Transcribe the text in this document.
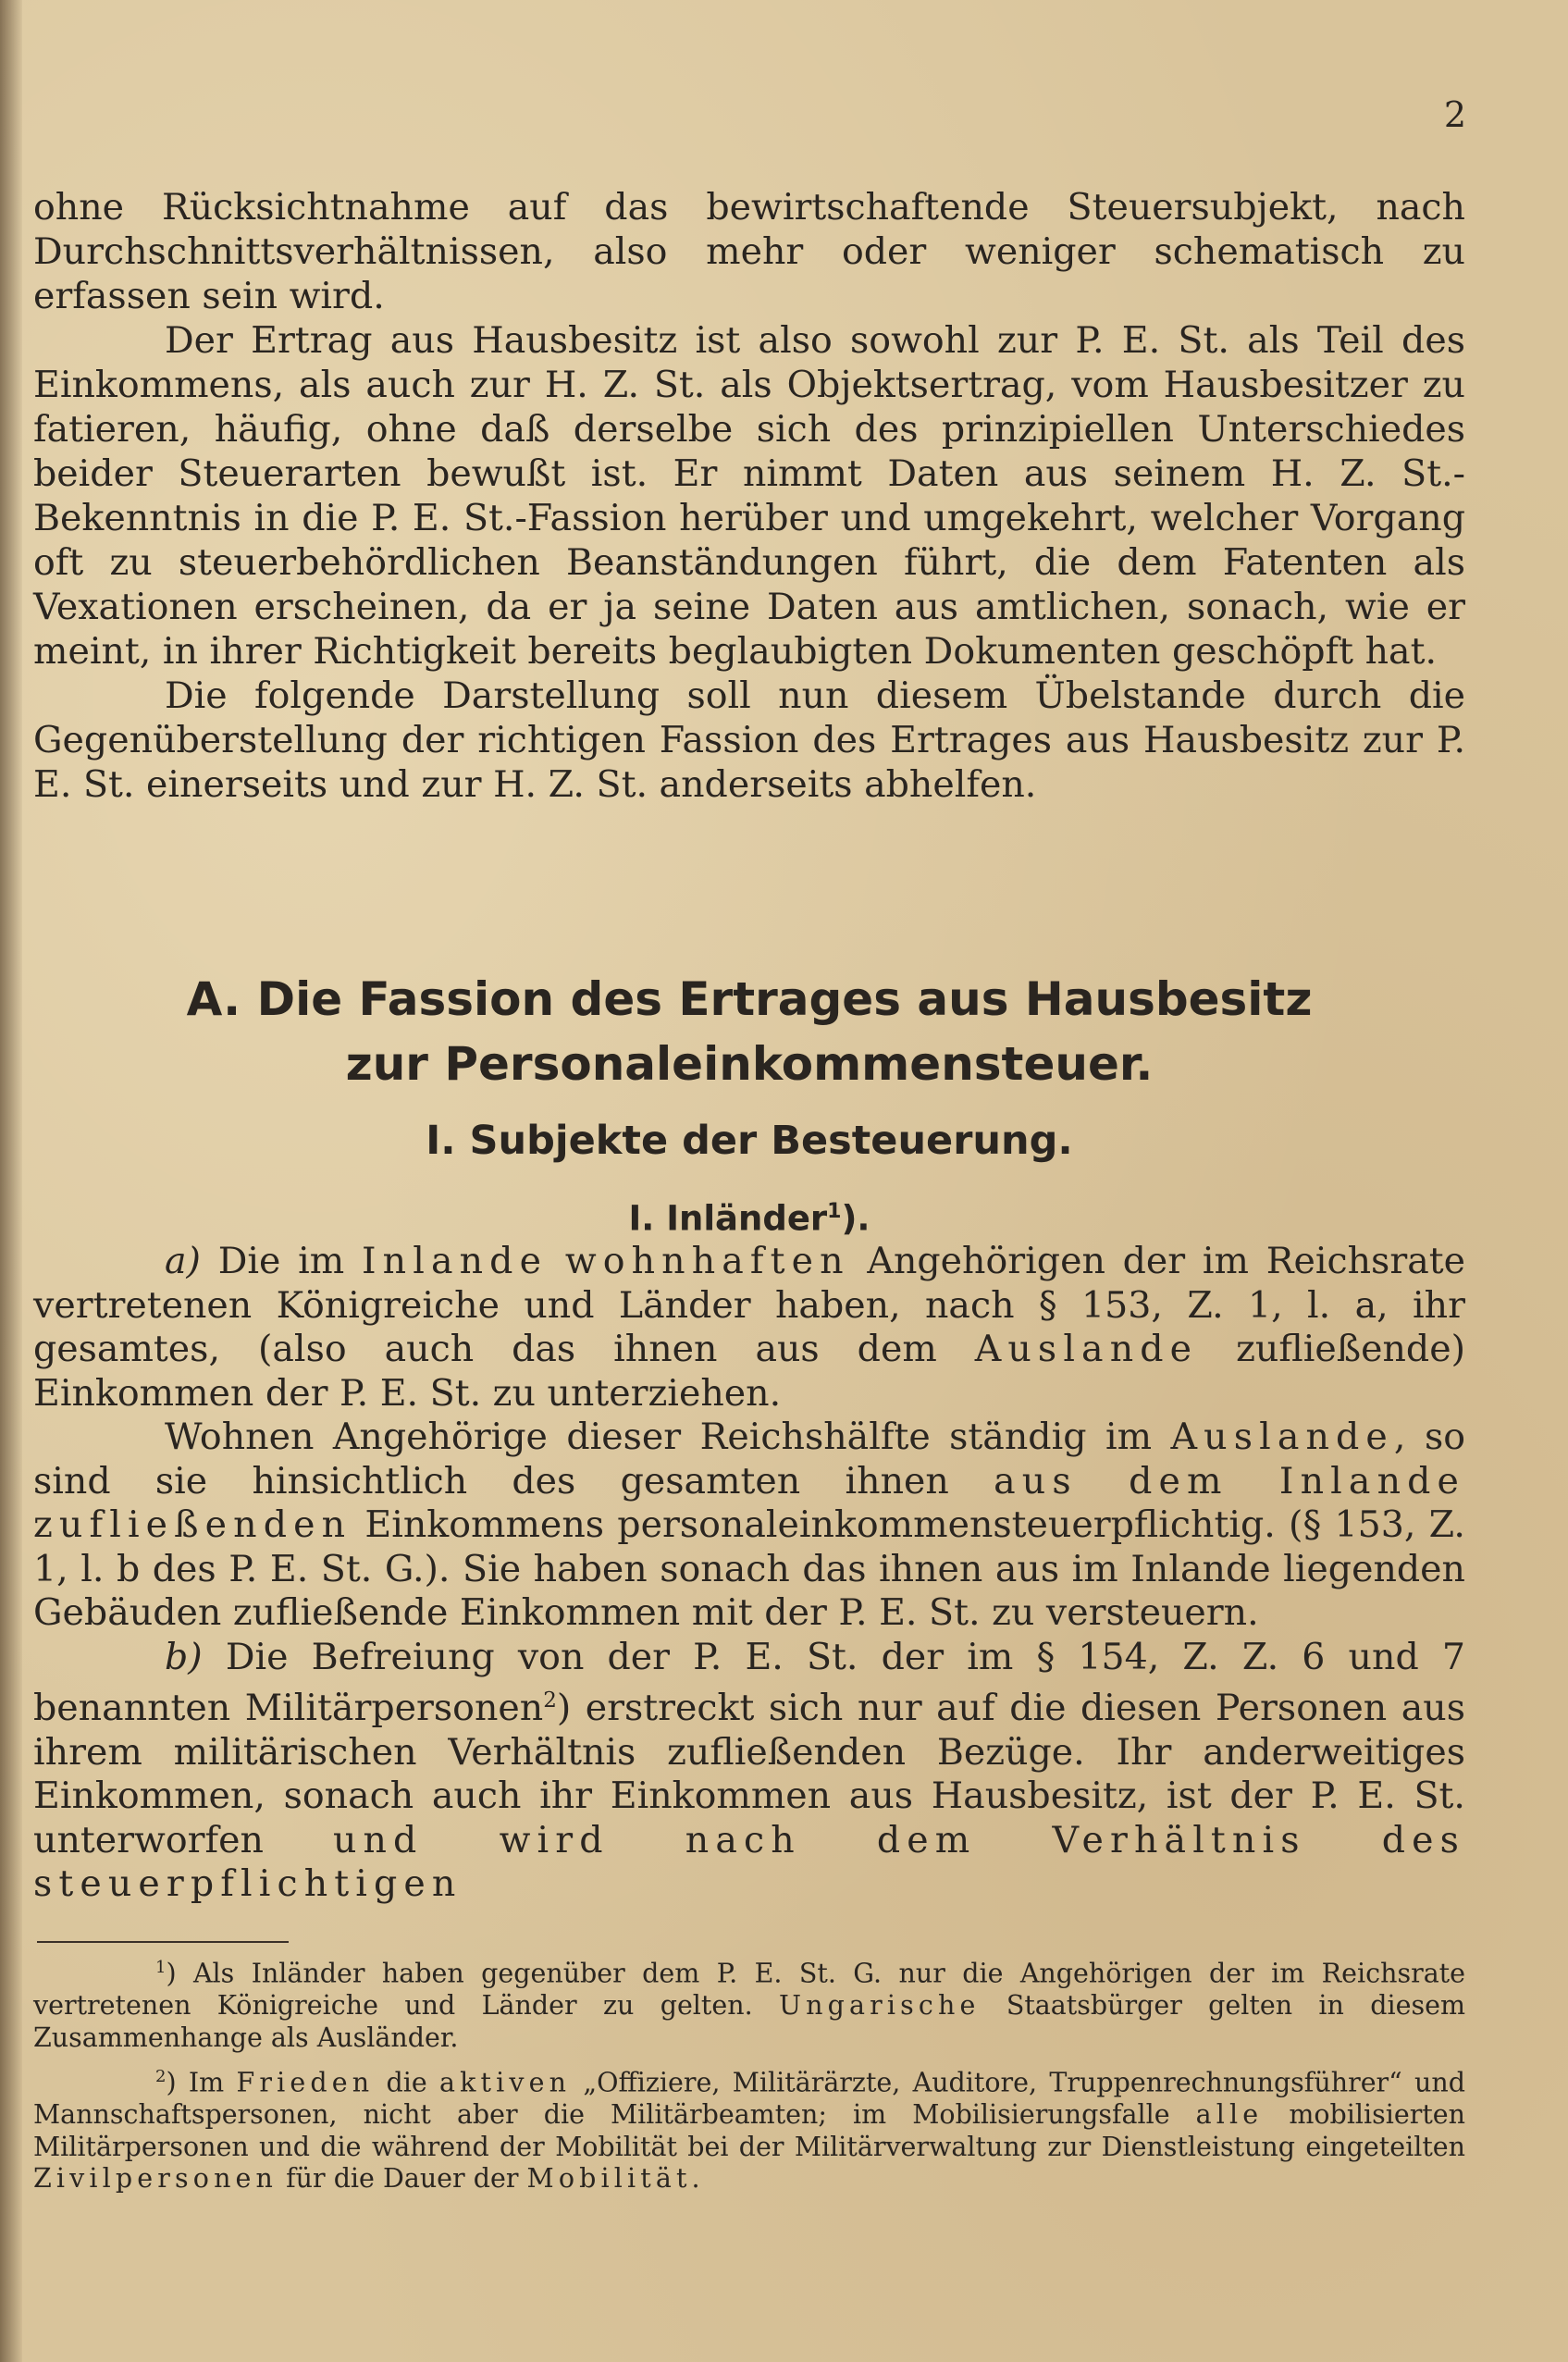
2

ohne Rücksichtnahme auf das bewirtschaftende Steuersubjekt, nach Durchschnittsverhältnissen, also mehr oder weniger schematisch zu erfassen sein wird.

Der Ertrag aus Hausbesitz ist also sowohl zur P. E. St. als Teil des Einkommens, als auch zur H. Z. St. als Objektsertrag, vom Hausbesitzer zu fatieren, häufig, ohne daß derselbe sich des prinzipiellen Unterschiedes beider Steuerarten bewußt ist. Er nimmt Daten aus seinem H. Z. St.-Bekenntnis in die P. E. St.-Fassion herüber und umgekehrt, welcher Vorgang oft zu steuerbehördlichen Beanständungen führt, die dem Fatenten als Vexationen erscheinen, da er ja seine Daten aus amtlichen, sonach, wie er meint, in ihrer Richtigkeit bereits beglaubigten Dokumenten geschöpft hat.

Die folgende Darstellung soll nun diesem Übelstande durch die Gegenüberstellung der richtigen Fassion des Ertrages aus Hausbesitz zur P. E. St. einerseits und zur H. Z. St. anderseits abhelfen.

A. Die Fassion des Ertrages aus Hausbesitz
zur Personaleinkommensteuer.
I. Subjekte der Besteuerung.
I. Inländer$^1$).

a) Die im Inlande wohnhaften Angehörigen der im Reichsrate vertretenen Königreiche und Länder haben, nach § 153, Z. 1, l. a, ihr gesamtes, (also auch das ihnen aus dem Auslande zufließende) Einkommen der P. E. St. zu unterziehen.

Wohnen Angehörige dieser Reichshälfte ständig im Auslande, so sind sie hinsichtlich des gesamten ihnen aus dem Inlande zufließenden Einkommens personaleinkommensteuerpflichtig. (§ 153, Z. 1, l. b des P. E. St. G.). Sie haben sonach das ihnen aus im Inlande liegenden Gebäuden zufließende Einkommen mit der P. E. St. zu versteuern.

b) Die Befreiung von der P. E. St. der im § 154, Z. Z. 6 und 7 benannten Militärpersonen$^2$) erstreckt sich nur auf die diesen Personen aus ihrem militärischen Verhältnis zufließenden Bezüge. Ihr anderweitiges Einkommen, sonach auch ihr Einkommen aus Hausbesitz, ist der P. E. St. unterworfen und wird nach dem Verhältnis des steuerpflichtigen

$^1$) Als Inländer haben gegenüber dem P. E. St. G. nur die Angehörigen der im Reichsrate vertretenen Königreiche und Länder zu gelten. Ungarische Staatsbürger gelten in diesem Zusammenhange als Ausländer.

$^2$) Im Frieden die aktiven „Offiziere, Militärärzte, Auditore, Truppenrechnungsführer“ und Mannschaftspersonen, nicht aber die Militärbeamten; im Mobilisierungsfalle alle mobilisierten Militärpersonen und die während der Mobilität bei der Militärverwaltung zur Dienstleistung eingeteilten Zivilpersonen für die Dauer der Mobilität.
